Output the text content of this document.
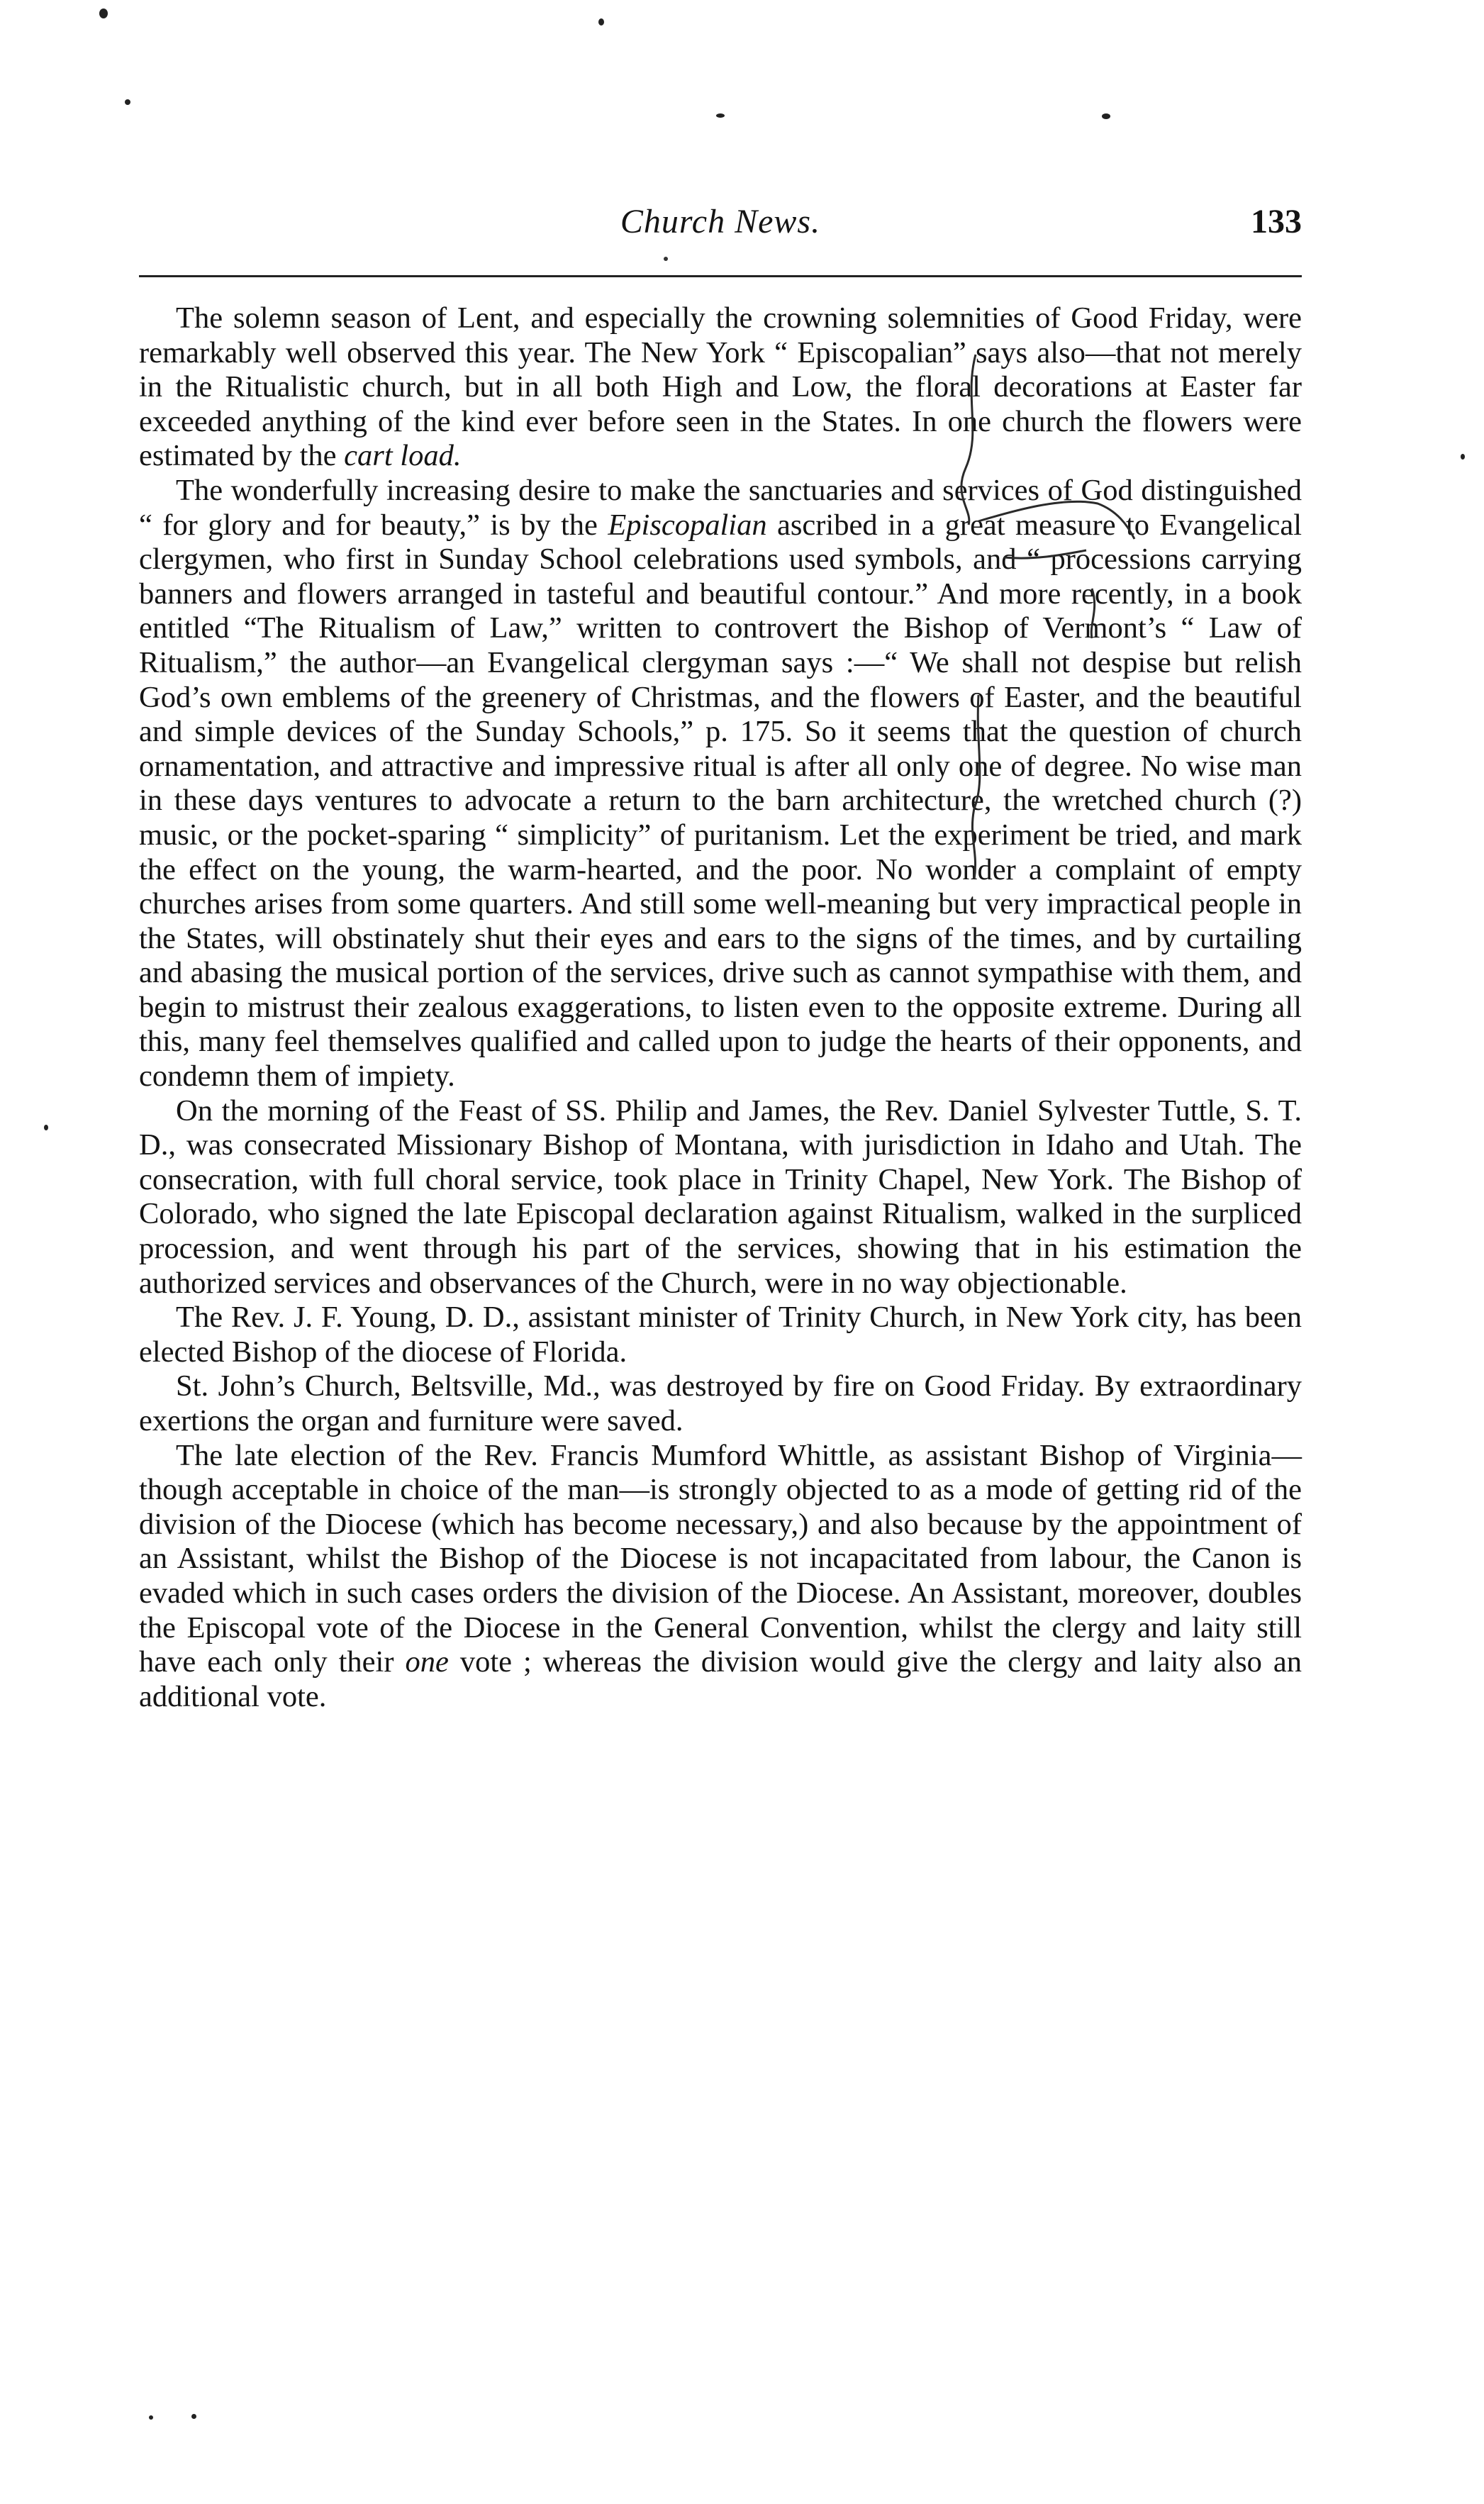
Church News.	133

The solemn season of Lent, and especially the crowning solemnities of Good Friday, were remarkably well observed this year. The New York “ Episcopalian” says also—that not merely in the Ritualistic church, but in all both High and Low, the floral decorations at Easter far exceeded anything of the kind ever before seen in the States. In one church the flowers were estimated by the cart load.

The wonderfully increasing desire to make the sanctuaries and services of God distinguished “ for glory and for beauty,” is by the Episcopalian ascribed in a great measure to Evangelical clergymen, who first in Sunday School celebrations used symbols, and “ processions carrying banners and flowers arranged in tasteful and beautiful contour.” And more recently, in a book entitled “The Ritualism of Law,” written to controvert the Bishop of Vermont’s “ Law of Ritualism,” the author—an Evangelical clergyman says :—“ We shall not despise but relish God’s own emblems of the greenery of Christmas, and the flowers of Easter, and the beautiful and simple devices of the Sunday Schools,” p. 175. So it seems that the question of church ornamentation, and attractive and impressive ritual is after all only one of degree. No wise man in these days ventures to advocate a return to the barn architecture, the wretched church (?) music, or the pocket-sparing “ simplicity” of puritanism. Let the experiment be tried, and mark the effect on the young, the warm-hearted, and the poor. No wonder a complaint of empty churches arises from some quarters. And still some well-meaning but very impractical people in the States, will obstinately shut their eyes and ears to the signs of the times, and by curtailing and abasing the musical portion of the services, drive such as cannot sympathise with them, and begin to mistrust their zealous exaggerations, to listen even to the opposite extreme. During all this, many feel themselves qualified and called upon to judge the hearts of their opponents, and condemn them of impiety.

On the morning of the Feast of SS. Philip and James, the Rev. Daniel Sylvester Tuttle, S. T. D., was consecrated Missionary Bishop of Montana, with jurisdiction in Idaho and Utah. The consecration, with full choral service, took place in Trinity Chapel, New York. The Bishop of Colorado, who signed the late Episcopal declaration against Ritualism, walked in the surpliced procession, and went through his part of the services, showing that in his estimation the authorized services and observances of the Church, were in no way objectionable.

The Rev. J. F. Young, D. D., assistant minister of Trinity Church, in New York city, has been elected Bishop of the diocese of Florida.

St. John’s Church, Beltsville, Md., was destroyed by fire on Good Friday. By extraordinary exertions the organ and furniture were saved.

The late election of the Rev. Francis Mumford Whittle, as assistant Bishop of Virginia—though acceptable in choice of the man—is strongly objected to as a mode of getting rid of the division of the Diocese (which has become necessary,) and also because by the appointment of an Assistant, whilst the Bishop of the Diocese is not incapacitated from labour, the Canon is evaded which in such cases orders the division of the Diocese. An Assistant, moreover, doubles the Episcopal vote of the Diocese in the General Convention, whilst the clergy and laity still have each only their one vote ; whereas the division would give the clergy and laity also an additional vote.
